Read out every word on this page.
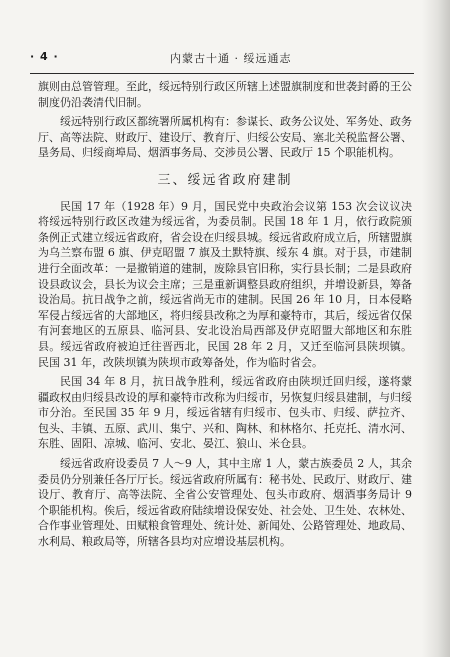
· 4 ·	内蒙古十通 · 绥远通志

旗则由总管管理。至此，绥远特别行政区所辖上述盟旗制度和世袭封爵的王公制度仍沿袭清代旧制。

绥远特别行政区都统署所属机构有：参谋长、政务公议处、军务处、政务厅、高等法院、财政厅、建设厅、教育厅、归绥公安局、塞北关税监督公署、垦务局、归绥商埠局、烟酒事务局、交涉员公署、民政厅 15 个职能机构。

三、绥远省政府建制

民国 17 年（1928 年）9 月，国民党中央政治会议第 153 次会议议决将绥远特别行政区改建为绥远省，为委员制。民国 18 年 1 月，依行政院颁条例正式建立绥远省政府，省会设在归绥县城。绥远省政府成立后，所辖盟旗为乌兰察布盟 6 旗、伊克昭盟 7 旗及土默特旗、绥东 4 旗。对于县，市建制进行全面改革：一是撤销道的建制，废除县官旧称，实行县长制；二是县政府设县政议会，县长为议会主席；三是重新调整县政府组织，并增设新县，筹备设治局。抗日战争之前，绥远省尚无市的建制。民国 26 年 10 月，日本侵略军侵占绥远省的大部地区，将归绥县改称之为厚和豪特市，其后，绥远省仅保有河套地区的五原县、临河县、安北设治局西部及伊克昭盟大部地区和东胜县。绥远省政府被迫迁往晋西北，民国 28 年 2 月，又迁至临河县陕坝镇。民国 31 年，改陕坝镇为陕坝市政筹备处，作为临时省会。

民国 34 年 8 月，抗日战争胜利，绥远省政府由陕坝迁回归绥，遂将蒙疆政权由归绥县改设的厚和豪特市改称为归绥市，另恢复归绥县建制，与归绥市分治。至民国 35 年 9 月，绥远省辖有归绥市、包头市、归绥、萨拉齐、包头、丰镇、五原、武川、集宁、兴和、陶林、和林格尔、托克托、清水河、东胜、固阳、凉城、临河、安北、晏江、狼山、米仓县。

绥远省政府设委员 7 人～9 人，其中主席 1 人，蒙古族委员 2 人，其余委员仍分别兼任各厅厅长。绥远省政府所属有：秘书处、民政厅、财政厅、建设厅、教育厅、高等法院、全省公安管理处、包头市政府、烟酒事务局计 9 个职能机构。俟后，绥远省政府陆续增设保安处、社会处、卫生处、农林处、合作事业管理处、田赋粮食管理处、统计处、新闻处、公路管理处、地政局、水利局、粮政局等，所辖各县均对应增设基层机构。
